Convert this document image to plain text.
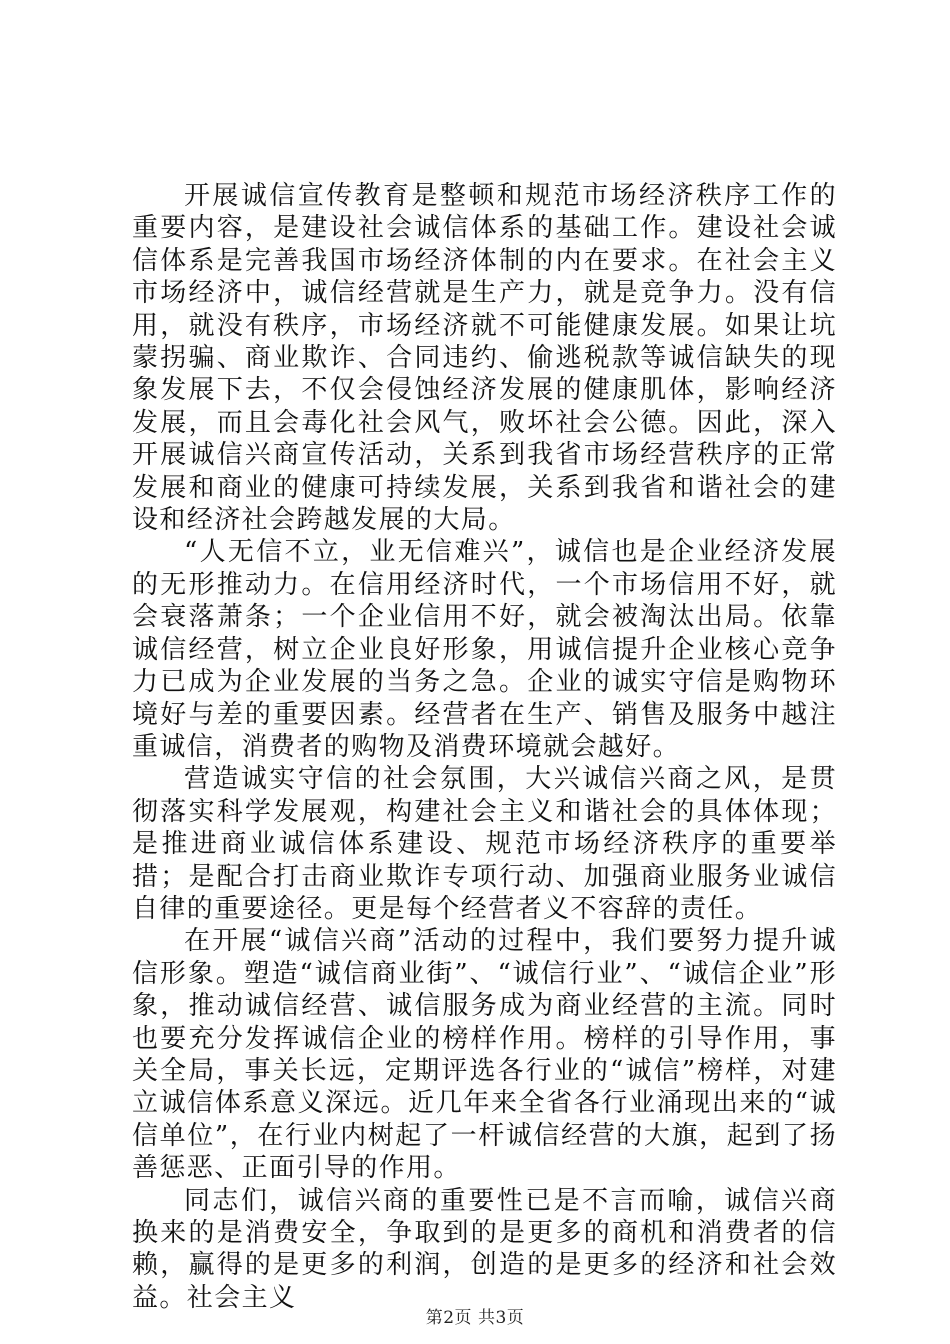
开展诚信宣传教育是整顿和规范市场经济秩序工作的重要内容，是建设社会诚信体系的基础工作。建设社会诚信体系是完善我国市场经济体制的内在要求。在社会主义市场经济中，诚信经营就是生产力，就是竞争力。没有信用，就没有秩序，市场经济就不可能健康发展。如果让坑蒙拐骗、商业欺诈、合同违约、偷逃税款等诚信缺失的现象发展下去，不仅会侵蚀经济发展的健康肌体，影响经济发展，而且会毒化社会风气，败坏社会公德。因此，深入开展诚信兴商宣传活动，关系到我省市场经营秩序的正常发展和商业的健康可持续发展，关系到我省和谐社会的建设和经济社会跨越发展的大局。

“人无信不立，业无信难兴”，诚信也是企业经济发展的无形推动力。在信用经济时代，一个市场信用不好，就会衰落萧条；一个企业信用不好，就会被淘汰出局。依靠诚信经营，树立企业良好形象，用诚信提升企业核心竞争力已成为企业发展的当务之急。企业的诚实守信是购物环境好与差的重要因素。经营者在生产、销售及服务中越注重诚信，消费者的购物及消费环境就会越好。

营造诚实守信的社会氛围，大兴诚信兴商之风，是贯彻落实科学发展观，构建社会主义和谐社会的具体体现；是推进商业诚信体系建设、规范市场经济秩序的重要举措；是配合打击商业欺诈专项行动、加强商业服务业诚信自律的重要途径。更是每个经营者义不容辞的责任。

在开展“诚信兴商”活动的过程中，我们要努力提升诚信形象。塑造“诚信商业街”、“诚信行业”、“诚信企业”形象，推动诚信经营、诚信服务成为商业经营的主流。同时也要充分发挥诚信企业的榜样作用。榜样的引导作用，事关全局，事关长远，定期评选各行业的“诚信”榜样，对建立诚信体系意义深远。近几年来全省各行业涌现出来的“诚信单位”，在行业内树起了一杆诚信经营的大旗，起到了扬善惩恶、正面引导的作用。

同志们，诚信兴商的重要性已是不言而喻，诚信兴商换来的是消费安全，争取到的是更多的商机和消费者的信赖，赢得的是更多的利润，创造的是更多的经济和社会效益。社会主义

第2页 共3页
